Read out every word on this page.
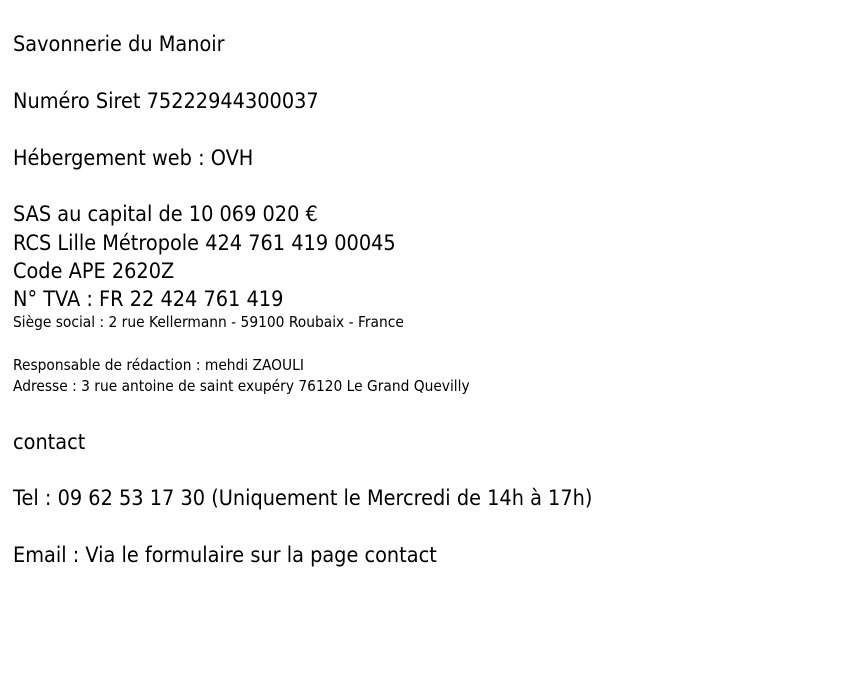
Savonnerie du Manoir
Numéro Siret 75222944300037
Hébergement web : OVH
SAS au capital de 10 069 020 €
RCS Lille Métropole 424 761 419 00045
Code APE 2620Z
N° TVA : FR 22 424 761 419
Siège social : 2 rue Kellermann - 59100 Roubaix - France
Responsable de rédaction : mehdi ZAOULI
Adresse : 3 rue antoine de saint exupéry 76120 Le Grand Quevilly
contact
Tel : 09 62 53 17 30 (Uniquement le Mercredi de 14h à 17h)
Email : Via le formulaire sur la page contact
